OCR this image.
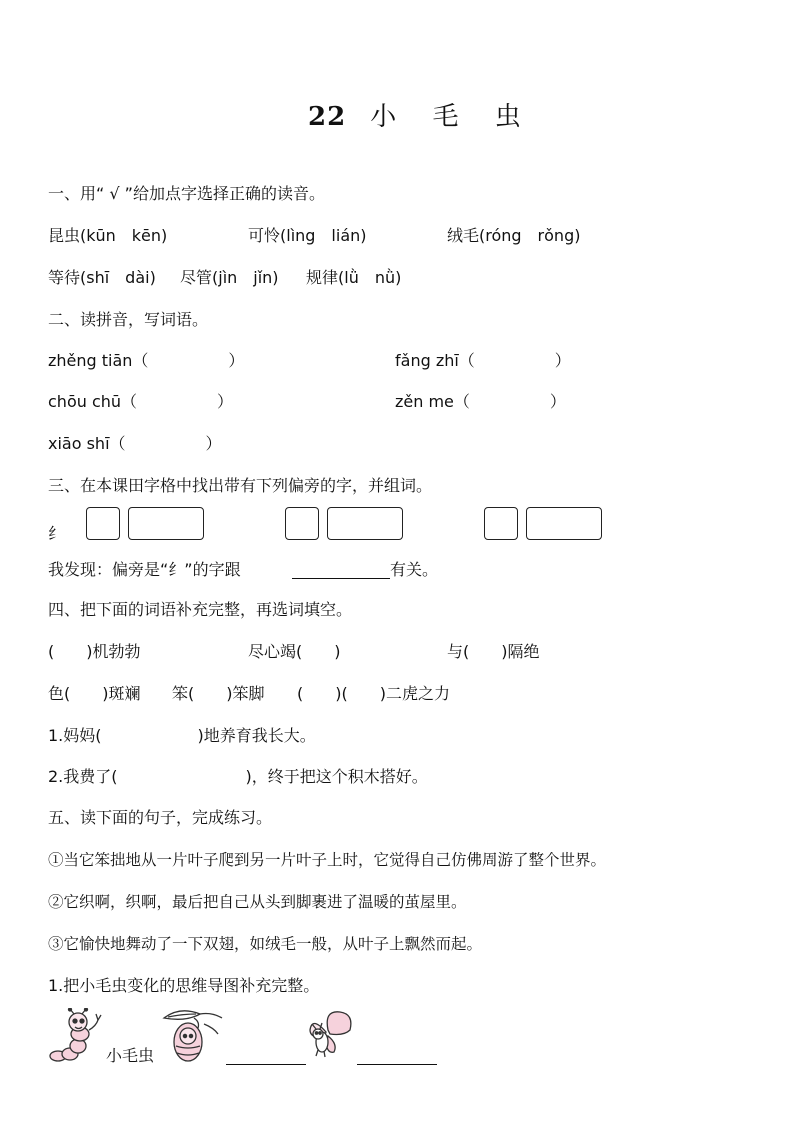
22 小 毛 虫
一、用“ √ ”给加点字选择正确的读音。
昆虫(kūn　kēn)	可怜(lìng　lián)	绒毛(róng　rǒng)
等待(shī　dài) 尽管(jìn　jǐn) 规律(lǜ　nǜ)
二、读拼音，写词语。
zhěng tiān（　　　　　）	fǎng zhī（　　　　　）
chōu chū（　　　　　）	zěn me（　　　　　）
xiāo shī（　　　　　）
三、在本课田字格中找出带有下列偏旁的字，并组词。
纟
我发现：偏旁是“纟”的字跟	有关。
四、把下面的词语补充完整，再选词填空。
(　　)机勃勃	尽心竭(　　)	与(　　)隔绝
色(　　)斑斓 笨(　　)笨脚 (　　)(　　)二虎之力
1.妈妈(　　　　　　)地养育我长大。
2.我费了(　　　　　　　　)，终于把这个积木搭好。
五、读下面的句子，完成练习。
①当它笨拙地从一片叶子爬到另一片叶子上时，它觉得自己仿佛周游了整个世界。
②它织啊，织啊，最后把自己从头到脚裹进了温暖的茧屋里。
③它愉快地舞动了一下双翅，如绒毛一般，从叶子上飘然而起。
1.把小毛虫变化的思维导图补充完整。
小毛虫
